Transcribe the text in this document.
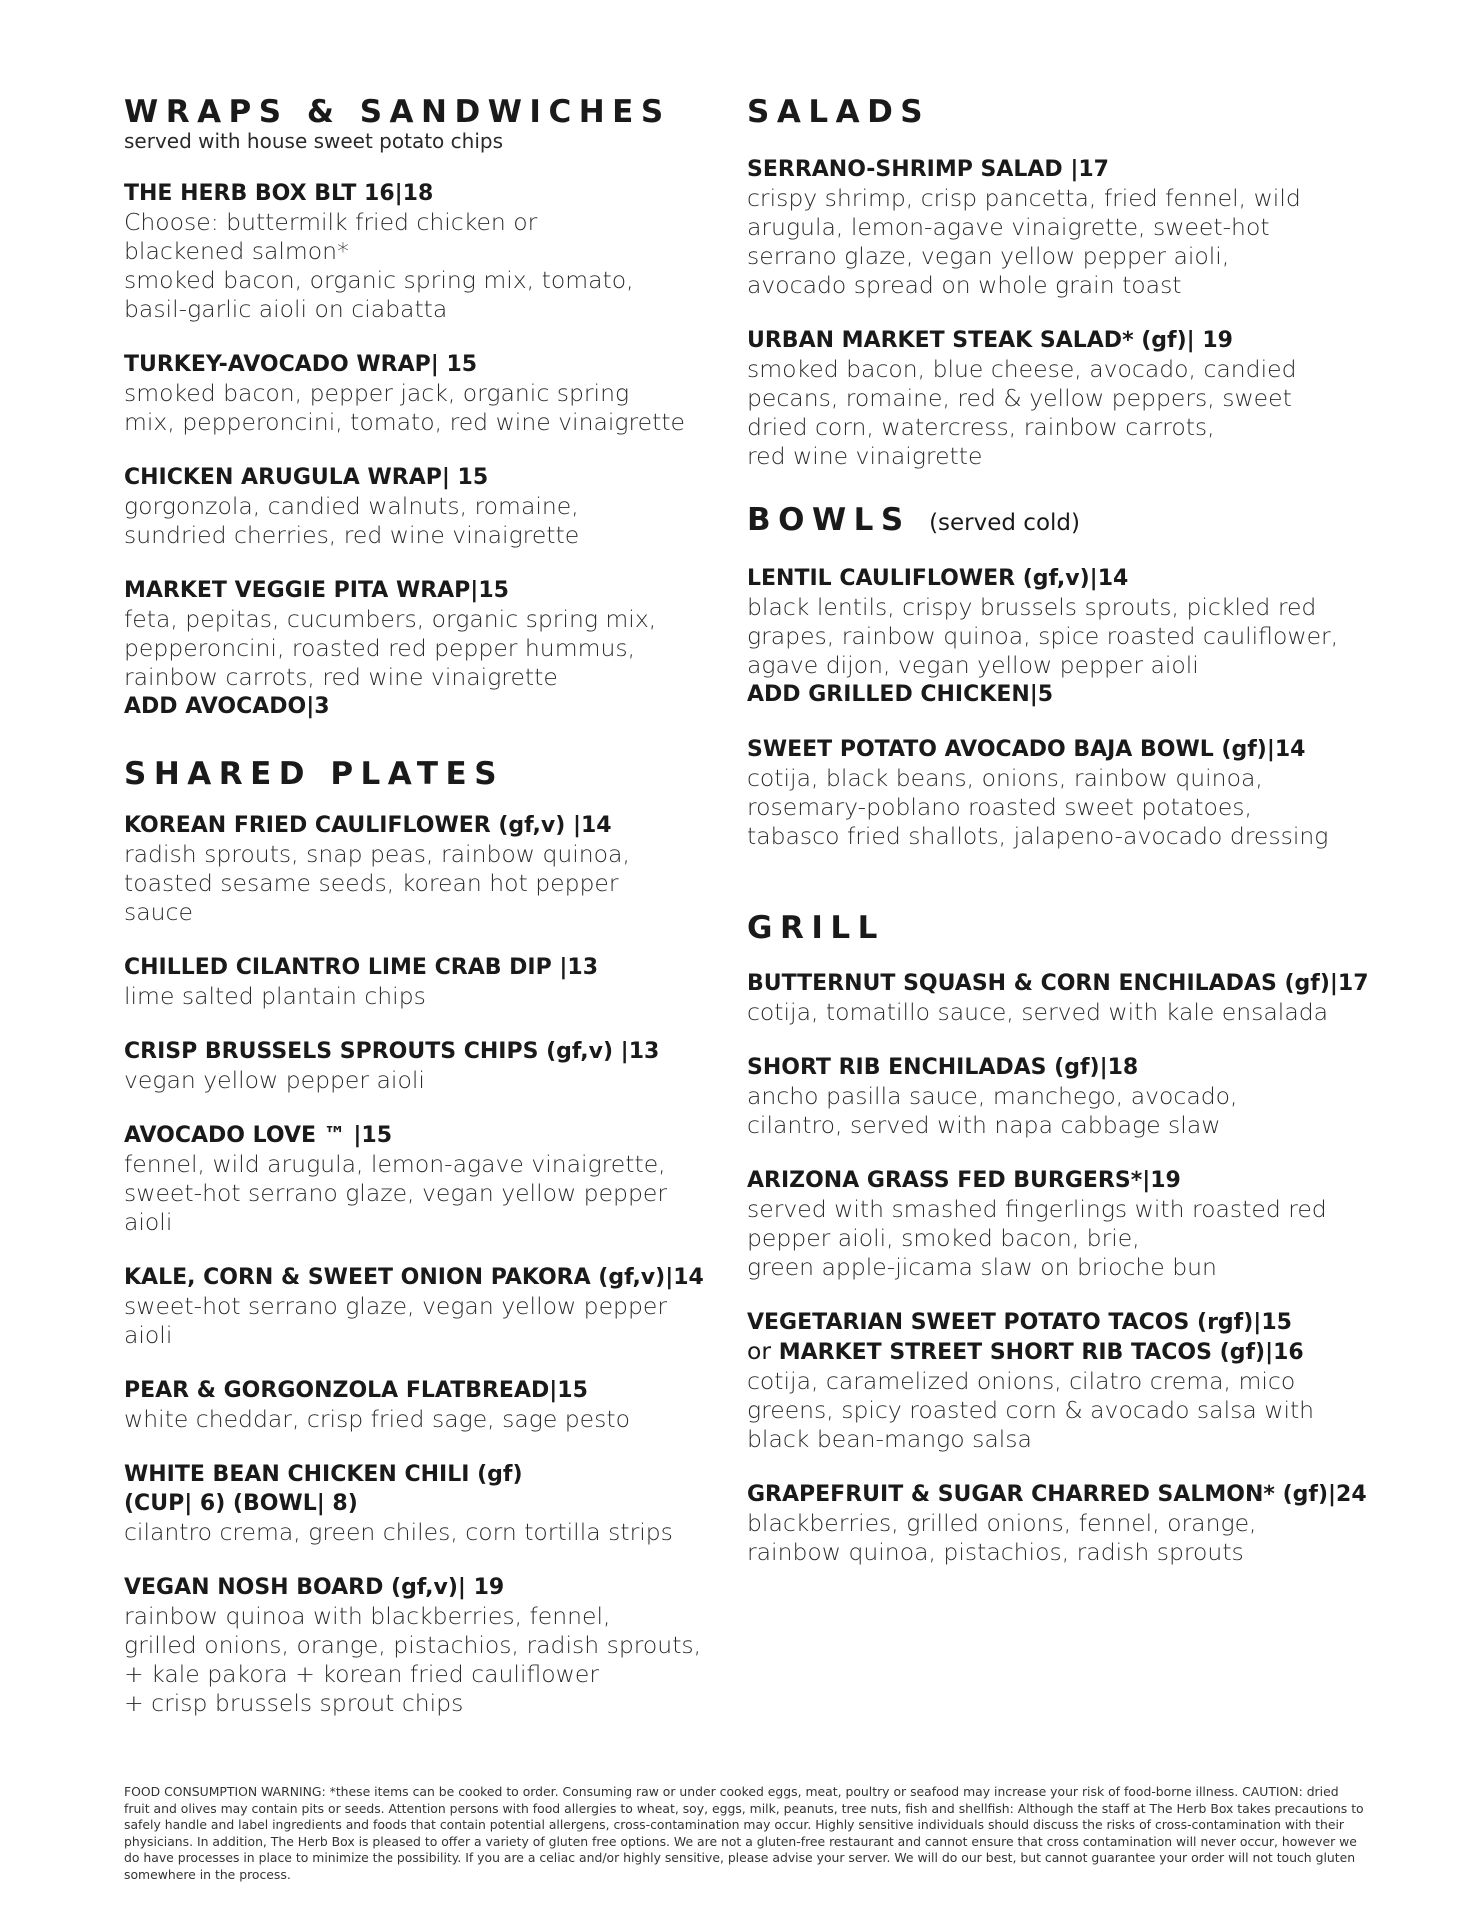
WRAPS & SANDWICHES
served with house sweet potato chips
THE HERB BOX BLT 16|18
Choose: buttermilk fried chicken or
blackened salmon*
smoked bacon, organic spring mix, tomato,
basil-garlic aioli on ciabatta
TURKEY-AVOCADO WRAP| 15
smoked bacon, pepper jack, organic spring
mix, pepperoncini, tomato, red wine vinaigrette
CHICKEN ARUGULA WRAP| 15
gorgonzola, candied walnuts, romaine,
sundried cherries, red wine vinaigrette
MARKET VEGGIE PITA WRAP|15
feta, pepitas, cucumbers, organic spring mix,
pepperoncini, roasted red pepper hummus,
rainbow carrots, red wine vinaigrette
ADD AVOCADO|3
SHARED PLATES
KOREAN FRIED CAULIFLOWER (gf,v) |14
radish sprouts, snap peas, rainbow quinoa,
toasted sesame seeds, korean hot pepper
sauce
CHILLED CILANTRO LIME CRAB DIP |13
lime salted plantain chips
CRISP BRUSSELS SPROUTS CHIPS (gf,v) |13
vegan yellow pepper aioli
AVOCADO LOVE ™ |15
fennel, wild arugula, lemon-agave vinaigrette,
sweet-hot serrano glaze, vegan yellow pepper
aioli
KALE, CORN & SWEET ONION PAKORA (gf,v)|14
sweet-hot serrano glaze, vegan yellow pepper
aioli
PEAR & GORGONZOLA FLATBREAD|15
white cheddar, crisp fried sage, sage pesto
WHITE BEAN CHICKEN CHILI (gf)
(CUP| 6) (BOWL| 8)
cilantro crema, green chiles, corn tortilla strips
VEGAN NOSH BOARD (gf,v)| 19
rainbow quinoa with blackberries, fennel,
grilled onions, orange, pistachios, radish sprouts,
+ kale pakora + korean fried cauliflower
+ crisp brussels sprout chips
SALADS
SERRANO-SHRIMP SALAD |17
crispy shrimp, crisp pancetta, fried fennel, wild
arugula, lemon-agave vinaigrette, sweet-hot
serrano glaze, vegan yellow pepper aioli,
avocado spread on whole grain toast
URBAN MARKET STEAK SALAD* (gf)| 19
smoked bacon, blue cheese, avocado, candied
pecans, romaine, red & yellow peppers, sweet
dried corn, watercress, rainbow carrots,
red wine vinaigrette
BOWLS (served cold)
LENTIL CAULIFLOWER (gf,v)|14
black lentils, crispy brussels sprouts, pickled red
grapes, rainbow quinoa, spice roasted cauliflower,
agave dijon, vegan yellow pepper aioli
ADD GRILLED CHICKEN|5
SWEET POTATO AVOCADO BAJA BOWL (gf)|14
cotija, black beans, onions, rainbow quinoa,
rosemary-poblano roasted sweet potatoes,
tabasco fried shallots, jalapeno-avocado dressing
GRILL
BUTTERNUT SQUASH & CORN ENCHILADAS (gf)|17
cotija, tomatillo sauce, served with kale ensalada
SHORT RIB ENCHILADAS (gf)|18
ancho pasilla sauce, manchego, avocado,
cilantro, served with napa cabbage slaw
ARIZONA GRASS FED BURGERS*|19
served with smashed fingerlings with roasted red
pepper aioli, smoked bacon, brie,
green apple-jicama slaw on brioche bun
VEGETARIAN SWEET POTATO TACOS (rgf)|15
or MARKET STREET SHORT RIB TACOS (gf)|16
cotija, caramelized onions, cilatro crema, mico
greens, spicy roasted corn & avocado salsa with
black bean-mango salsa
GRAPEFRUIT & SUGAR CHARRED SALMON* (gf)|24
blackberries, grilled onions, fennel, orange,
rainbow quinoa, pistachios, radish sprouts
FOOD CONSUMPTION WARNING: *these items can be cooked to order. Consuming raw or under cooked eggs, meat, poultry or seafood may increase your risk of food-borne illness. CAUTION: dried fruit and olives may contain pits or seeds. Attention persons with food allergies to wheat, soy, eggs, milk, peanuts, tree nuts, fish and shellfish: Although the staff at The Herb Box takes precautions to safely handle and label ingredients and foods that contain potential allergens, cross-contamination may occur. Highly sensitive individuals should discuss the risks of cross-contamination with their physicians. In addition, The Herb Box is pleased to offer a variety of gluten free options. We are not a gluten-free restaurant and cannot ensure that cross contamination will never occur, however we do have processes in place to minimize the possibility. If you are a celiac and/or highly sensitive, please advise your server. We will do our best, but cannot guarantee your order will not touch gluten somewhere in the process.
